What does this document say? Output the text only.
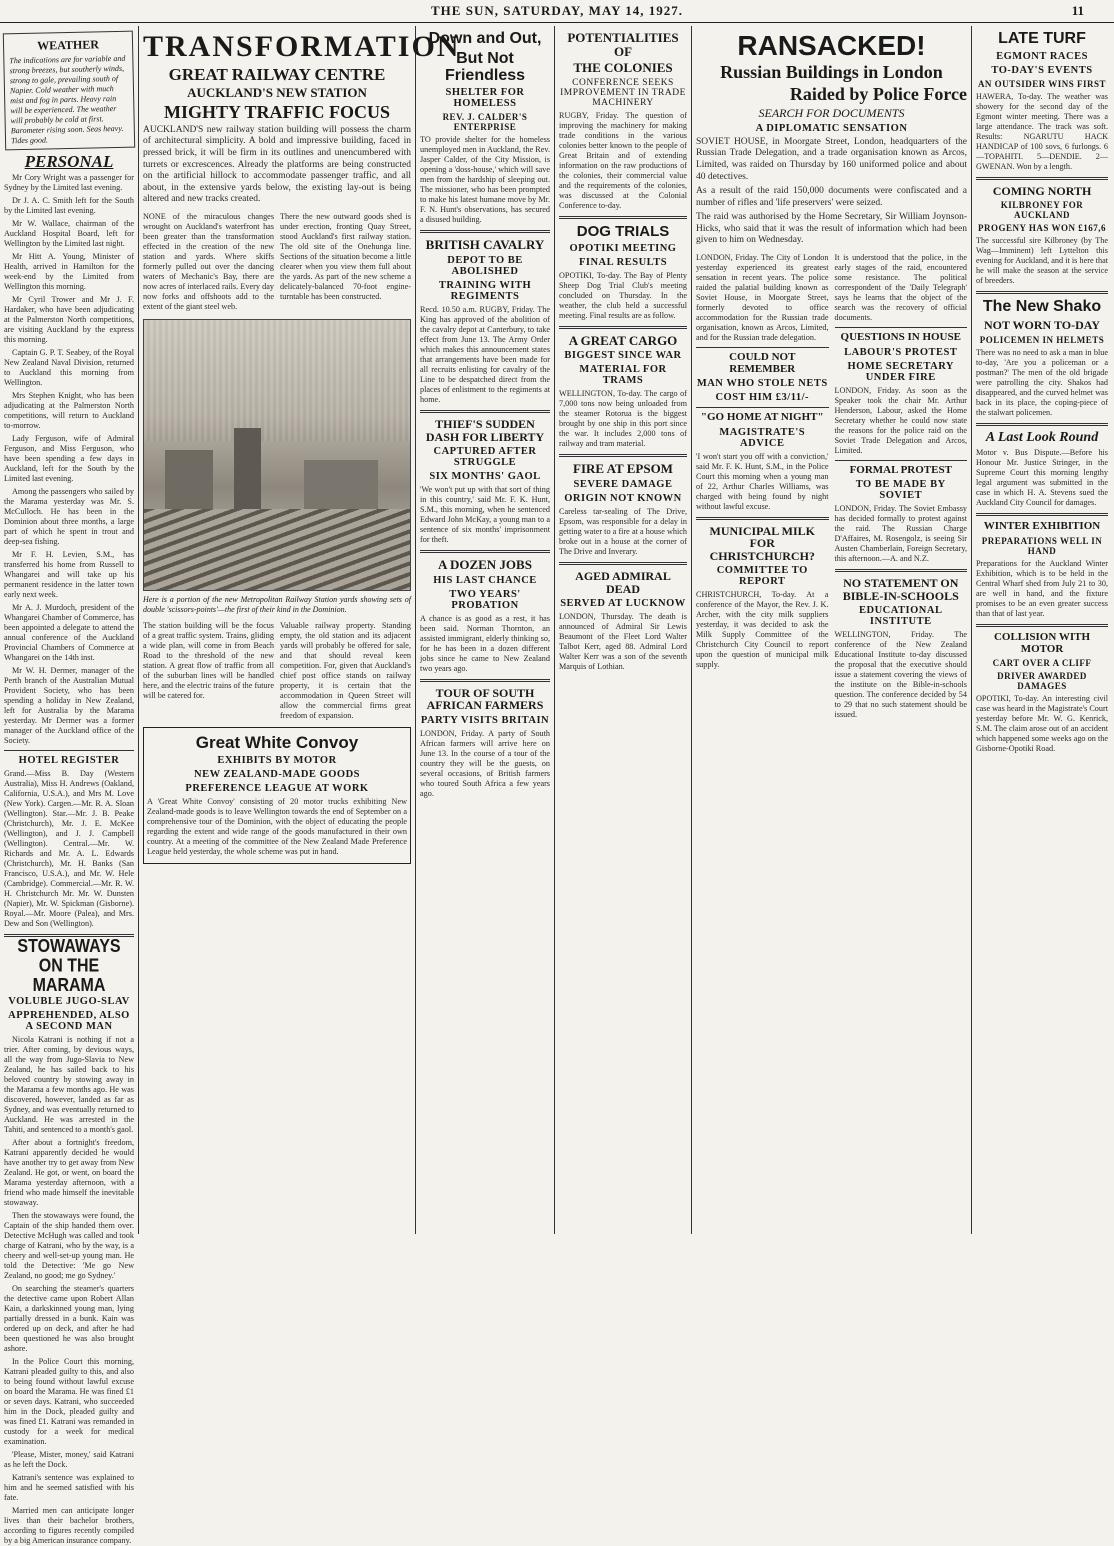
THE SUN, SATURDAY, MAY 14, 1927.	11
WEATHER
The indications are for variable and strong breezes, but southerly winds, strong to gale, prevailing south of Napier. Cold weather with much mist and fog in parts. Heavy rain will be experienced. The weather will probably be cold at first. Barometer rising soon. Seas heavy. Tides good.
PERSONAL

Mr Cory Wright was a passenger for Sydney by the Limited last evening.

Dr J. A. C. Smith left for the South by the Limited last evening.

Mr W. Wallace, chairman of the Auckland Hospital Board, left for Wellington by the Limited last night.

Mr Hitt A. Young, Minister of Health, arrived in Hamilton for the week-end by the Limited from Wellington this morning.

Mr Cyril Trower and Mr J. F. Hardaker, who have been adjudicating at the Palmerston North competitions, are visiting Auckland by the express this morning.

Captain G. P. T. Seabey, of the Royal New Zealand Naval Division, returned to Auckland this morning from Wellington.

Mrs Stephen Knight, who has been adjudicating at the Palmerston North competitions, will return to Auckland to-morrow.

Lady Ferguson, wife of Admiral Ferguson, and Miss Ferguson, who have been spending a few days in Auckland, left for the South by the Limited last evening.

Among the passengers who sailed by the Marama yesterday was Mr. S. McCulloch. He has been in the Dominion about three months, a large part of which he spent in trout and deep-sea fishing.

Mr F. H. Levien, S.M., has transferred his home from Russell to Whangarei and will take up his permanent residence in the latter town early next week.

Mr A. J. Murdoch, president of the Whangarei Chamber of Commerce, has been appointed a delegate to attend the annual conference of the Auckland Provincial Chambers of Commerce at Whangarei on the 14th inst.

Mr W. H. Dermer, manager of the Perth branch of the Australian Mutual Provident Society, who has been spending a holiday in New Zealand, left for Australia by the Marama yesterday. Mr Dermer was a former manager of the Auckland office of the Society.

HOTEL REGISTER
Grand.—Miss B. Day (Western Australia), Miss H. Andrews (Oakland, California, U.S.A.), and Mrs M. Love (New York). Cargen.—Mr. R. A. Sloan (Wellington). Star.—Mr. J. B. Peake (Christchurch), Mr. J. E. McKee (Wellington), and J. J. Campbell (Wellington). Central.—Mr. W. Richards and Mr. A. L. Edwards (Christchurch), Mr. H. Banks (San Francisco, U.S.A.), and Mr. W. Hele (Cambridge). Commercial.—Mr. R. W. H. Christchurch Mr. Mr. W. Dunsten (Napier), Mr. W. Spickman (Gisborne). Royal.—Mr. Moore (Palea), and Mrs. Dew and Son (Wellington).
STOWAWAYS ON THE MARAMA
VOLUBLE JUGO-SLAV
APPREHENDED, ALSO A SECOND MAN

Nicola Katrani is nothing if not a trier. After coming, by devious ways, all the way from Jugo-Slavia to New Zealand, he has sailed back to his beloved country by stowing away in the Marama a few months ago. He was discovered, however, landed as far as Sydney, and was eventually returned to Auckland. He was arrested in the Tahiti, and sentenced to a month's gaol.

After about a fortnight's freedom, Katrani apparently decided he would have another try to get away from New Zealand. He got, or went, on board the Marama yesterday afternoon, with a friend who made himself the inevitable stowaway.

Then the stowaways were found, the Captain of the ship handed them over. Detective McHugh was called and took charge of Katrani, who by the way, is a cheery and well-set-up young man. He told the Detective: 'Me go New Zealand, no good; me go Sydney.'

On searching the steamer's quarters the detective came upon Robert Allan Kain, a darkskinned young man, lying partially dressed in a bunk. Kain was ordered up on deck, and after he had been questioned he was also brought ashore.

In the Police Court this morning, Katrani pleaded guilty to this, and also to being found without lawful excuse on board the Marama. He was fined £1 or seven days. Katrani, who succeeded him in the Dock, pleaded guilty and was fined £1. Katrani was remanded in custody for a week for medical examination.

'Please, Mister, money,' said Katrani as he left the Dock.

Katrani's sentence was explained to him and he seemed satisfied with his fate.

Married men can anticipate longer lives than their bachelor brothers, according to figures recently compiled by a big American insurance company.

TRANSFORMATION
GREAT RAILWAY CENTRE
AUCKLAND'S NEW STATION
MIGHTY TRAFFIC FOCUS
AUCKLAND'S new railway station building will possess the charm of architectural simplicity. A bold and impressive building, faced in pressed brick, it will be firm in its outlines and unencumbered with turrets or excrescences. Already the platforms are being constructed on the artificial hillock to accommodate passenger traffic, and all about, in the extensive yards below, the existing lay-out is being altered and new tracks created.
NONE of the miraculous changes wrought on Auckland's waterfront has been greater than the transformation effected in the creation of the new station and yards. Where skiffs formerly pulled out over the dancing waters of Mechanic's Bay, there are now acres of interlaced rails. Every day now forks and offshoots add to the extent of the giant steel web.
There the new outward goods shed is under erection, fronting Quay Street, stood Auckland's first railway station. The old site of the Onehunga line. Sections of the situation become a little clearer when you view them full about the yards. As part of the new scheme a delicately-balanced 70-foot engine-turntable has been constructed.
Here is a portion of the new Metropolitan Railway Station yards showing sets of double 'scissors-points'—the first of their kind in the Dominion.
The station building will be the focus of a great traffic system. Trains, gliding a wide plan, will come in from Beach Road to the threshold of the new station. A great flow of traffic from all of the suburban lines will be handled here, and the electric trains of the future will be catered for.
Valuable railway property. Standing empty, the old station and its adjacent yards will probably be offered for sale, and that should reveal keen competition. For, given that Auckland's chief post office stands on railway property, it is certain that the accommodation in Queen Street will allow the commercial firms great freedom of expansion.
Great White Convoy
EXHIBITS BY MOTOR
NEW ZEALAND-MADE GOODS
PREFERENCE LEAGUE AT WORK
A 'Great White Convoy' consisting of 20 motor trucks exhibiting New Zealand-made goods is to leave Wellington towards the end of September on a comprehensive tour of the Dominion, with the object of educating the people regarding the extent and wide range of the goods manufactured in their own country. At a meeting of the committee of the New Zealand Made Preference League held yesterday, the whole scheme was put in hand.
Down and Out,
But Not Friendless
SHELTER FOR HOMELESS
REV. J. CALDER'S ENTERPRISE
TO provide shelter for the homeless unemployed men in Auckland, the Rev. Jasper Calder, of the City Mission, is opening a 'doss-house,' which will save men from the hardship of sleeping out. The missioner, who has been prompted to make his latest humane move by Mr. F. N. Hunt's observations, has secured a disused building.
BRITISH CAVALRY
DEPOT TO BE ABOLISHED
TRAINING WITH REGIMENTS
Recd. 10.50 a.m. RUGBY, Friday. The King has approved of the abolition of the cavalry depot at Canterbury, to take effect from June 13. The Army Order which makes this announcement states that arrangements have been made for all recruits enlisting for cavalry of the Line to be despatched direct from the places of enlistment to the regiments at home.
THIEF'S SUDDEN DASH FOR LIBERTY
CAPTURED AFTER STRUGGLE
SIX MONTHS' GAOL
'We won't put up with that sort of thing in this country,' said Mr. F. K. Hunt, S.M., this morning, when he sentenced Edward John McKay, a young man to a sentence of six months' imprisonment for theft.
A DOZEN JOBS
HIS LAST CHANCE
TWO YEARS' PROBATION
A chance is as good as a rest, it has been said. Norman Thornton, an assisted immigrant, elderly thinking so, for he has been in a dozen different jobs since he came to New Zealand two years ago.
TOUR OF SOUTH AFRICAN FARMERS
PARTY VISITS BRITAIN
LONDON, Friday. A party of South African farmers will arrive here on June 13. In the course of a tour of the country they will be the guests, on several occasions, of British farmers who toured South Africa a few years ago.
POTENTIALITIES OF
THE COLONIES
CONFERENCE SEEKS IMPROVEMENT IN TRADE MACHINERY
RUGBY, Friday. The question of improving the machinery for making trade conditions in the various colonies better known to the people of Great Britain and of extending information on the raw productions of the colonies, their commercial value and the requirements of the colonies, was discussed at the Colonial Conference to-day.
DOG TRIALS
OPOTIKI MEETING
FINAL RESULTS
OPOTIKI, To-day. The Bay of Plenty Sheep Dog Trial Club's meeting concluded on Thursday. In the weather, the club held a successful meeting. Final results are as follow.
A GREAT CARGO
BIGGEST SINCE WAR
MATERIAL FOR TRAMS
WELLINGTON, To-day. The cargo of 7,000 tons now being unloaded from the steamer Rotorua is the biggest brought by one ship in this port since the war. It includes 2,000 tons of railway and tram material.
FIRE AT EPSOM
SEVERE DAMAGE
ORIGIN NOT KNOWN
Careless tar-sealing of The Drive, Epsom, was responsible for a delay in getting water to a fire at a house which broke out in a house at the corner of The Drive and Inverary.
AGED ADMIRAL DEAD
SERVED AT LUCKNOW
LONDON, Thursday. The death is announced of Admiral Sir Lewis Beaumont of the Fleet Lord Walter Talbot Kerr, aged 88. Admiral Lord Walter Kerr was a son of the seventh Marquis of Lothian.
RANSACKED!
Russian Buildings in London
Raided by Police Force
SEARCH FOR DOCUMENTS
A DIPLOMATIC SENSATION
SOVIET HOUSE, in Moorgate Street, London, headquarters of the Russian Trade Delegation, and a trade organisation known as Arcos, Limited, was raided on Thursday by 160 uniformed police and about 40 detectives.
As a result of the raid 150,000 documents were confiscated and a number of rifles and 'life preservers' were seized.
The raid was authorised by the Home Secretary, Sir William Joynson-Hicks, who said that it was the result of information which had been given to him on Wednesday.
LONDON, Friday. The City of London yesterday experienced its greatest sensation in recent years. The police raided the palatial building known as Soviet House, in Moorgate Street, formerly devoted to office accommodation for the Russian trade organisation, known as Arcos, Limited, and for the Russian trade delegation.
COULD NOT REMEMBER
MAN WHO STOLE NETS
COST HIM £3/11/-
"GO HOME AT NIGHT"
MAGISTRATE'S ADVICE
'I won't start you off with a conviction,' said Mr. F. K. Hunt, S.M., in the Police Court this morning when a young man of 22, Arthur Charles Williams, was charged with being found by night without lawful excuse.
MUNICIPAL MILK FOR CHRISTCHURCH?
COMMITTEE TO REPORT
CHRISTCHURCH, To-day. At a conference of the Mayor, the Rev. J. K. Archer, with the city milk suppliers yesterday, it was decided to ask the Milk Supply Committee of the Christchurch City Council to report upon the question of municipal milk supply.
It is understood that the police, in the early stages of the raid, encountered some resistance. The political correspondent of the 'Daily Telegraph' says he learns that the object of the search was the recovery of official documents.
QUESTIONS IN HOUSE
LABOUR'S PROTEST
HOME SECRETARY UNDER FIRE
LONDON, Friday. As soon as the Speaker took the chair Mr. Arthur Henderson, Labour, asked the Home Secretary whether he could now state the reasons for the police raid on the Soviet Trade Delegation and Arcos, Limited.
FORMAL PROTEST
TO BE MADE BY SOVIET
LONDON, Friday. The Soviet Embassy has decided formally to protest against the raid. The Russian Charge D'Affaires, M. Rosengolz, is seeing Sir Austen Chamberlain, Foreign Secretary, this afternoon.—A. and N.Z.
NO STATEMENT ON BIBLE-IN-SCHOOLS
EDUCATIONAL INSTITUTE
WELLINGTON, Friday. The conference of the New Zealand Educational Institute to-day discussed the proposal that the executive should issue a statement covering the views of the institute on the Bible-in-schools question. The conference decided by 54 to 29 that no such statement should be issued.
LATE TURF
EGMONT RACES
TO-DAY'S EVENTS
AN OUTSIDER WINS FIRST
HAWERA, To-day. The weather was showery for the second day of the Egmont winter meeting. There was a large attendance. The track was soft. Results: NGARUTU HACK HANDICAP of 100 sovs, 6 furlongs. 6—TOPAHITI. 5—DENDIE. 2—GWENAN. Won by a length.
COMING NORTH
KILBRONEY FOR AUCKLAND
PROGENY HAS WON £167,6
The successful sire Kilbroney (by The Wag—Imminent) left Lyttelton this evening for Auckland, and it is here that he will make the season at the service of breeders.
The New Shako
NOT WORN TO-DAY
POLICEMEN IN HELMETS
There was no need to ask a man in blue to-day, 'Are you a policeman or a postman?' The men of the old brigade were patrolling the city. Shakos had disappeared, and the curved helmet was back in its place, the coping-piece of the stalwart policemen.
A Last Look Round
Motor v. Bus Dispute.—Before his Honour Mr. Justice Stringer, in the Supreme Court this morning lengthy legal argument was submitted in the case in which H. A. Stevens sued the Auckland City Council for damages.
WINTER EXHIBITION
PREPARATIONS WELL IN HAND
Preparations for the Auckland Winter Exhibition, which is to be held in the Central Wharf shed from July 21 to 30, are well in hand, and the fixture promises to be an even greater success than that of last year.
COLLISION WITH MOTOR
CART OVER A CLIFF
DRIVER AWARDED DAMAGES
OPOTIKI, To-day. An interesting civil case was heard in the Magistrate's Court yesterday before Mr. W. G. Kenrick, S.M. The claim arose out of an accident which happened some weeks ago on the Gisborne-Opotiki Road.
